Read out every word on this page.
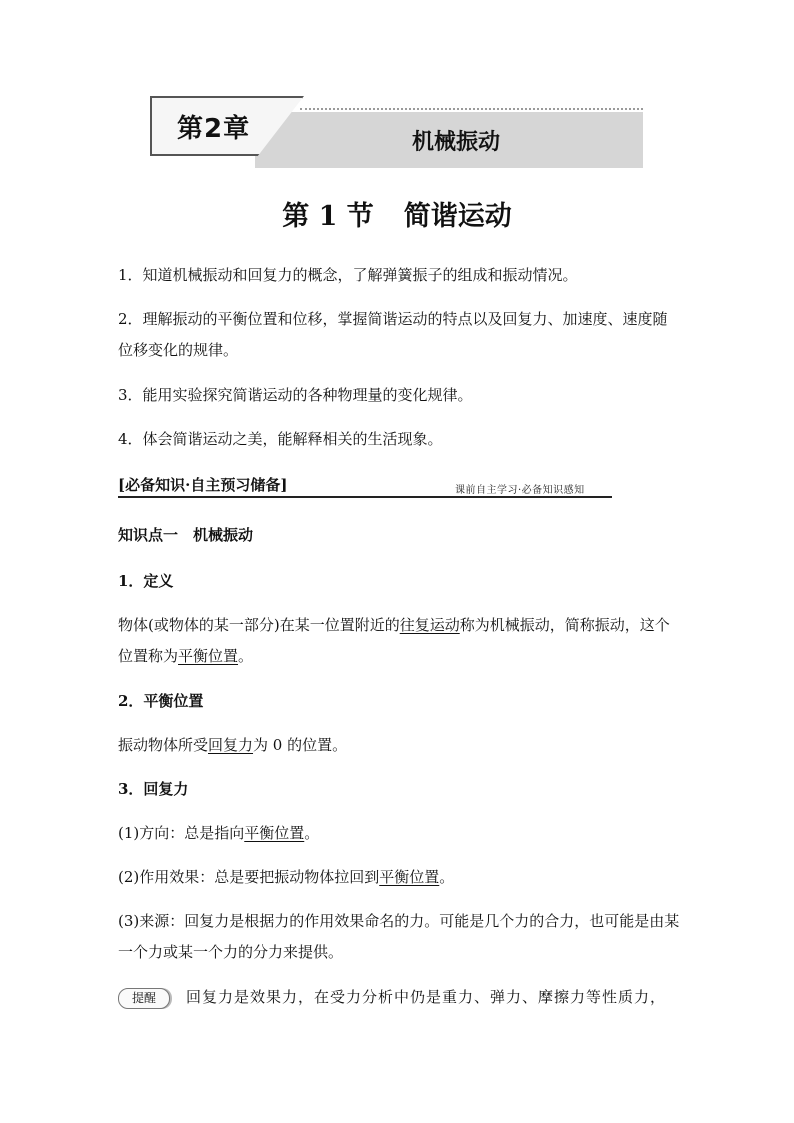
第2章	机械振动
第 1 节 简谐运动
1．知道机械振动和回复力的概念，了解弹簧振子的组成和振动情况。
2．理解振动的平衡位置和位移，掌握简谐运动的特点以及回复力、加速度、速度随位移变化的规律。
3．能用实验探究简谐运动的各种物理量的变化规律。
4．体会简谐运动之美，能解释相关的生活现象。
[必备知识·自主预习储备]	课前自主学习·必备知识感知
知识点一　机械振动
1．定义
物体(或物体的某一部分)在某一位置附近的往复运动称为机械振动，简称振动，这个位置称为平衡位置。
2．平衡位置
振动物体所受回复力为 0 的位置。
3．回复力
(1)方向：总是指向平衡位置。
(2)作用效果：总是要把振动物体拉回到平衡位置。
(3)来源：回复力是根据力的作用效果命名的力。可能是几个力的合力，也可能是由某一个力或某一个力的分力来提供。
提醒	回复力是效果力，在受力分析中仍是重力、弹力、摩擦力等性质力，
